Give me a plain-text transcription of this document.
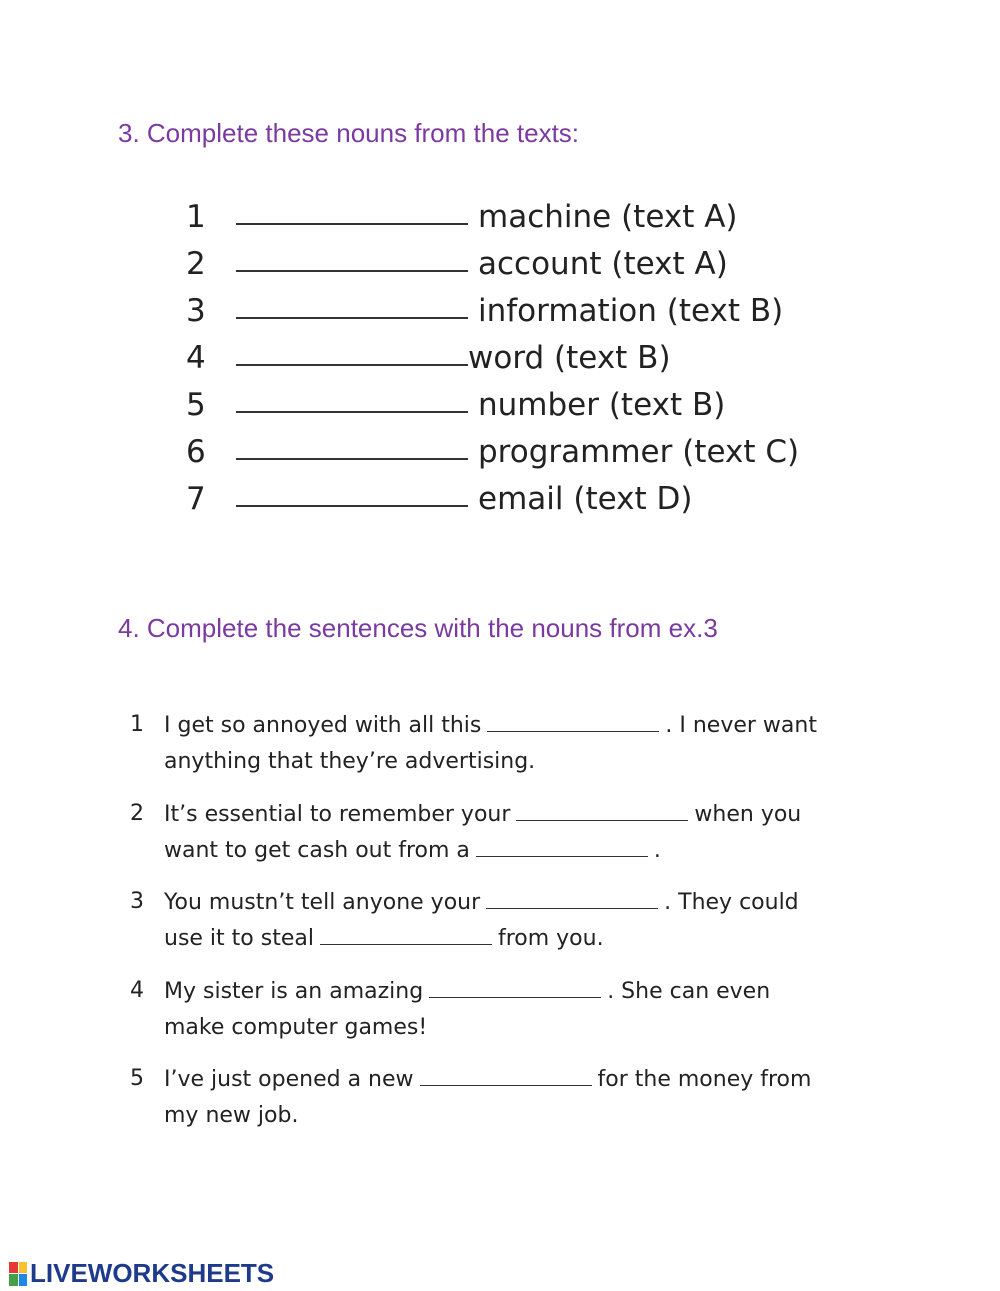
3. Complete these nouns from the texts:
1	machine (text A)
2	account (text A)
3	information (text B)
4	word (text B)
5	number (text B)
6	programmer (text C)
7	email (text D)
4. Complete the sentences with the nouns from ex.3
1 I get so annoyed with all this	. I never want
anything that they’re advertising.
2 It’s essential to remember your	when you
want to get cash out from a	.
3 You mustn’t tell anyone your	. They could
use it to steal	from you.
4 My sister is an amazing	. She can even
make computer games!
5 I’ve just opened a new	for the money from
my new job.
LIVEWORKSHEETS
